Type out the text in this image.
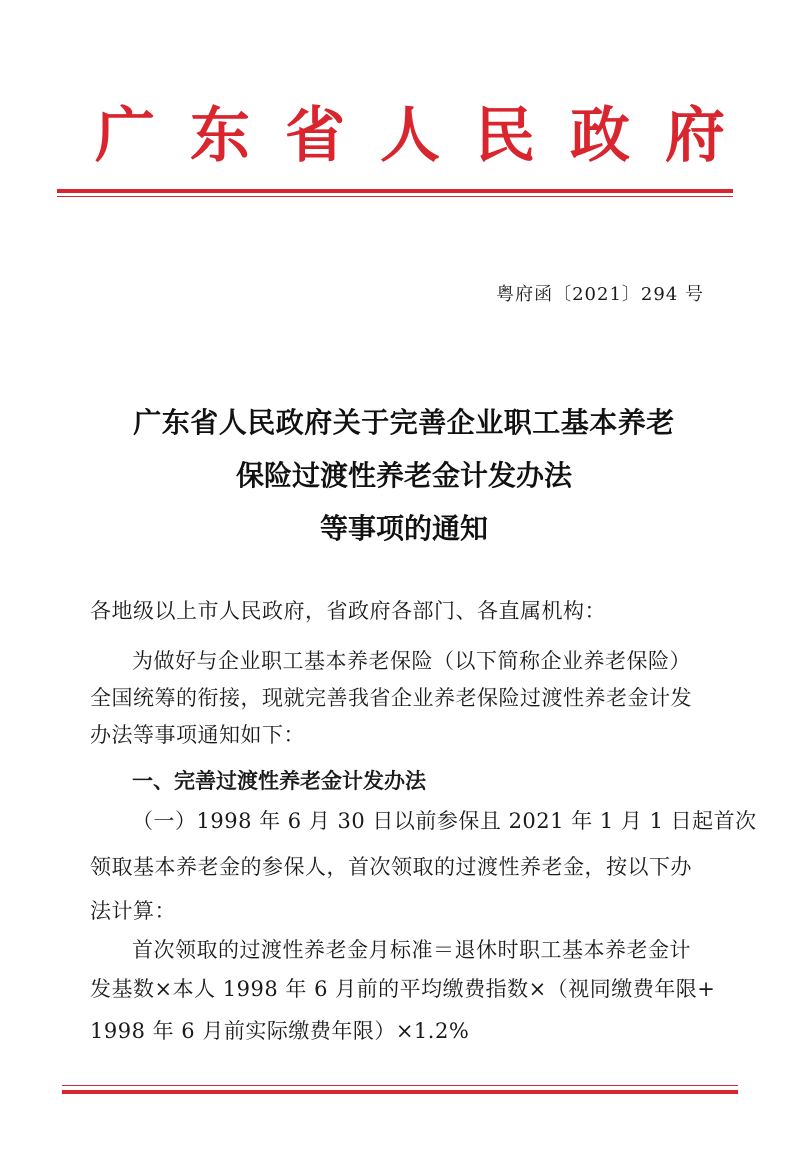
广 东 省 人 民 政 府
粤府函〔2021〕294 号
广东省人民政府关于完善企业职工基本养老
保险过渡性养老金计发办法
等事项的通知
各地级以上市人民政府，省政府各部门、各直属机构：
为做好与企业职工基本养老保险（以下简称企业养老保险）
全国统筹的衔接，现就完善我省企业养老保险过渡性养老金计发
办法等事项通知如下：
一、完善过渡性养老金计发办法
（一）1998 年 6 月 30 日以前参保且 2021 年 1 月 1 日起首次
领取基本养老金的参保人，首次领取的过渡性养老金，按以下办
法计算：
首次领取的过渡性养老金月标准＝退休时职工基本养老金计
发基数×本人 1998 年 6 月前的平均缴费指数×（视同缴费年限+
1998 年 6 月前实际缴费年限）×1.2%
